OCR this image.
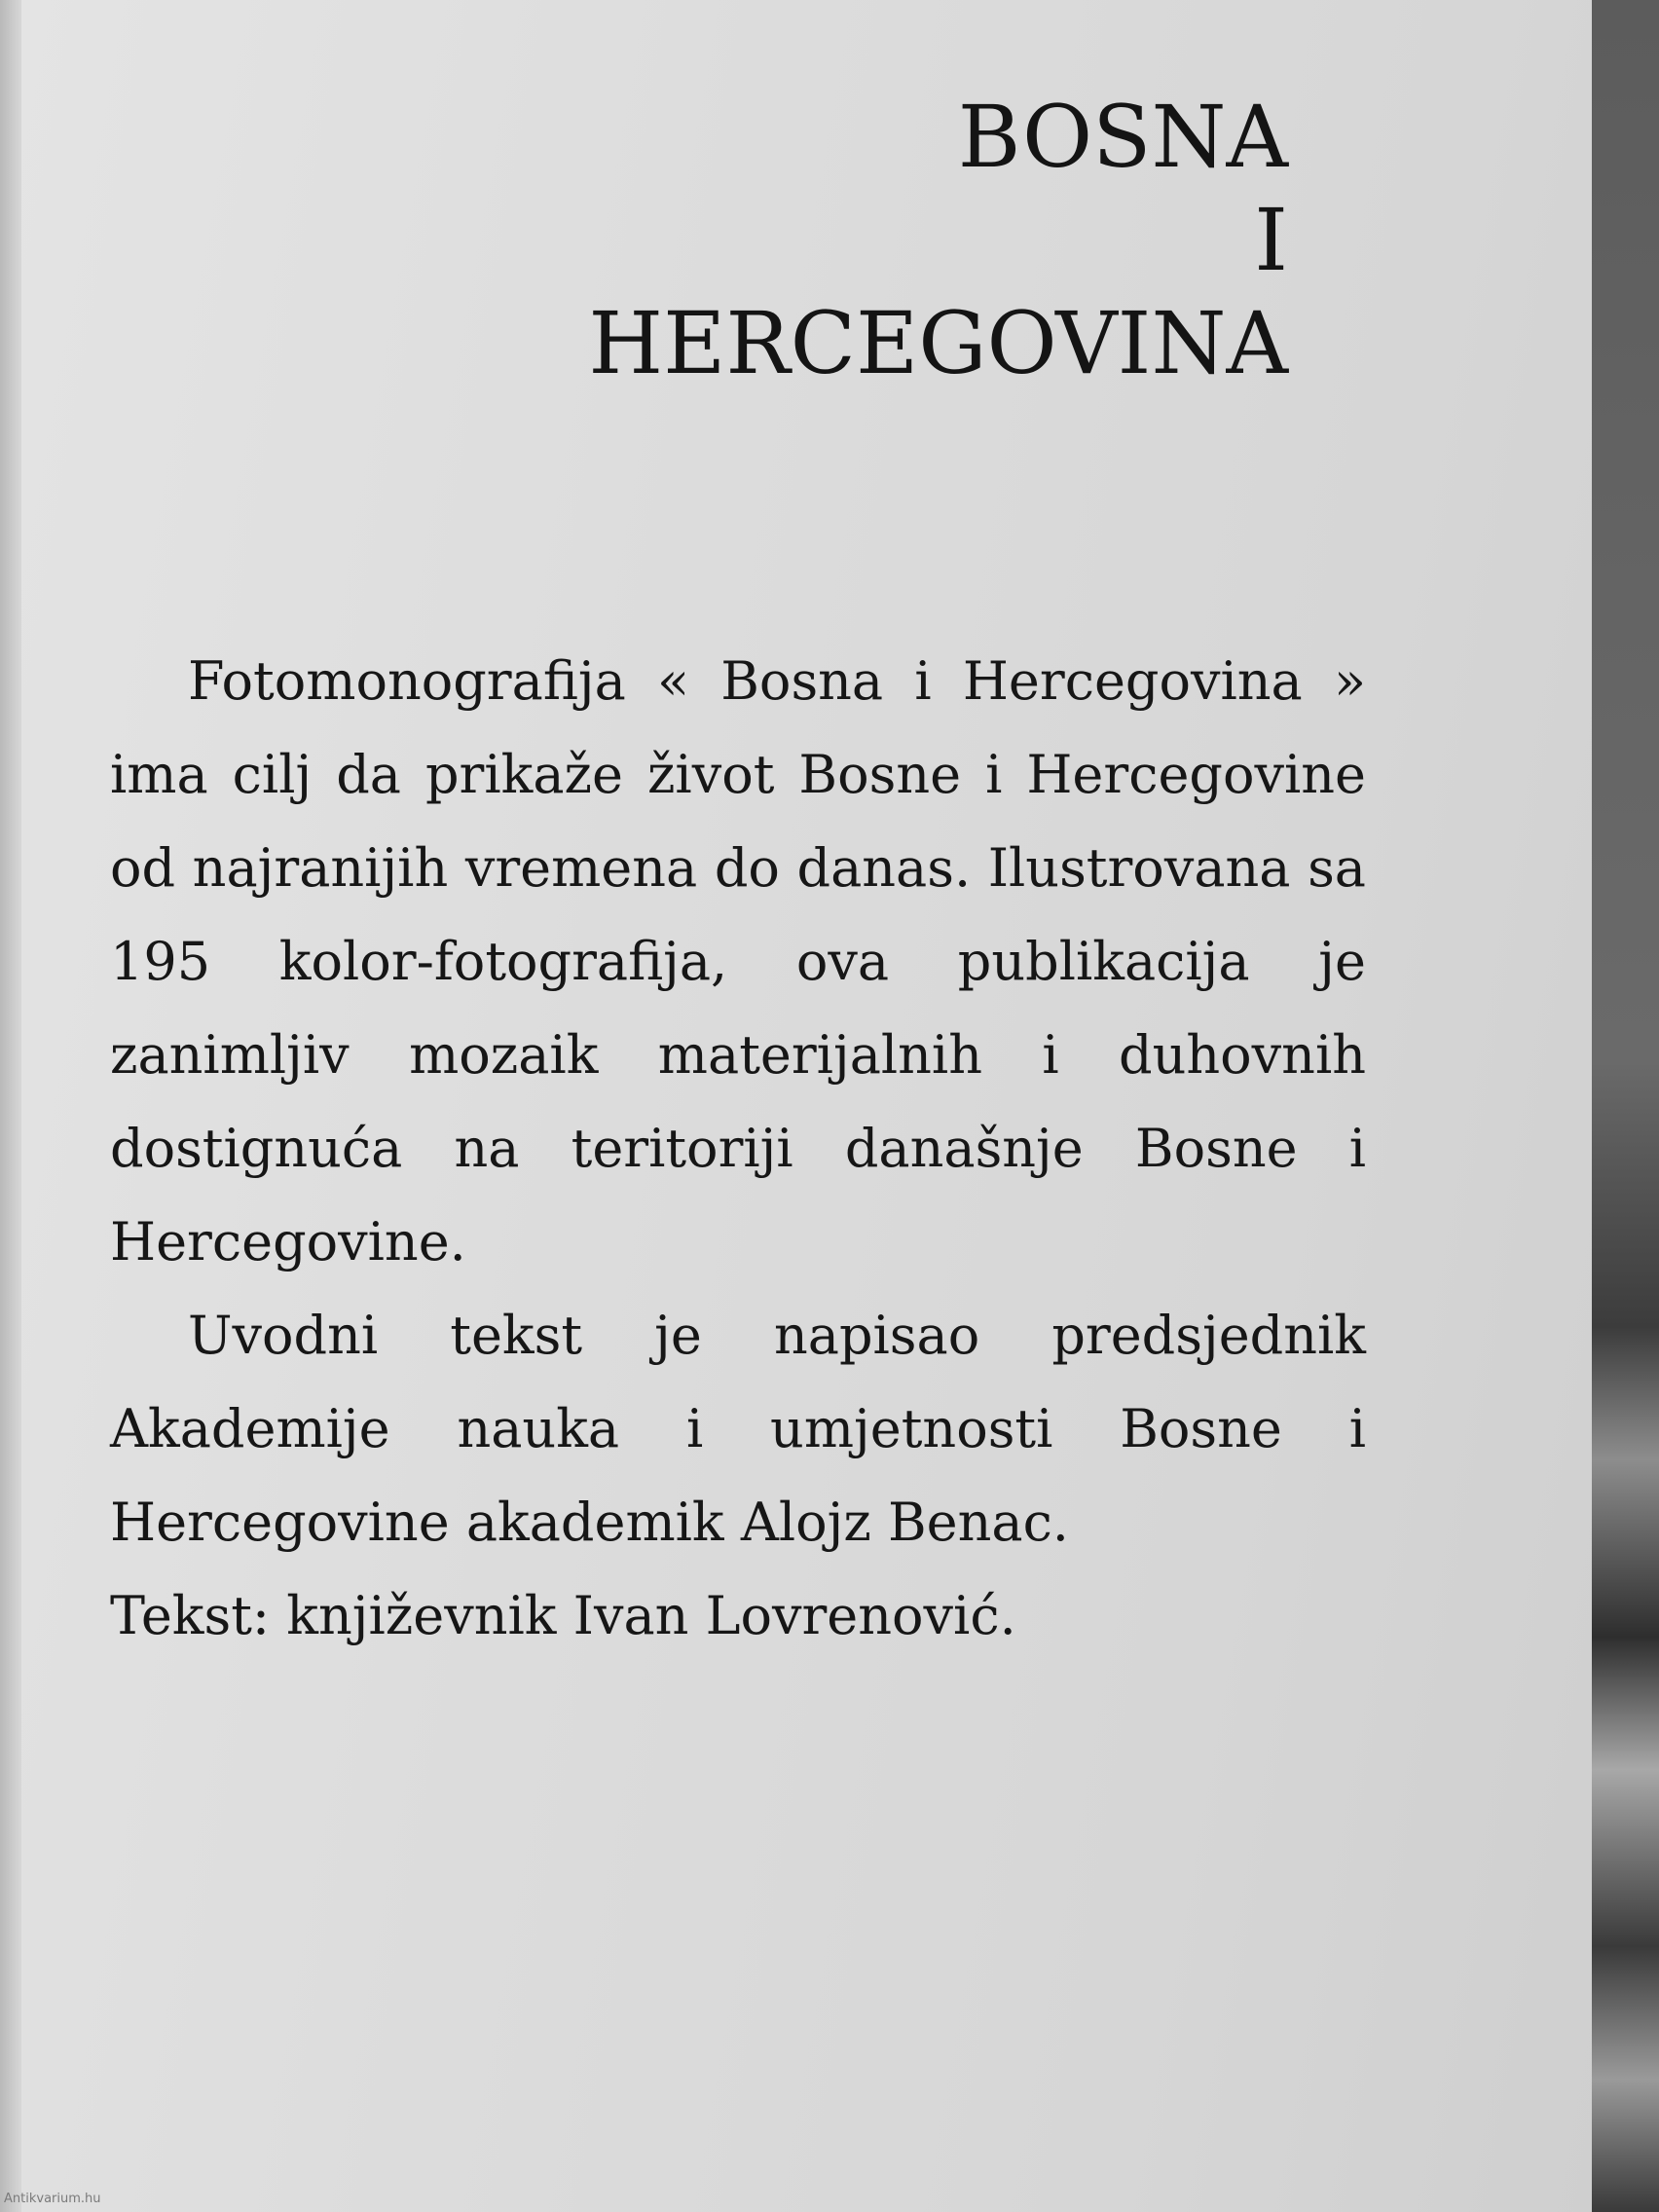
BOSNA
I
HERCEGOVINA

Fotomonografija « Bosna i Hercegovina » ima cilj da prikaže život Bosne i Hercegovine od najranijih vremena do danas. Ilustrovana sa 195 kolor-fotografija, ova publikacija je zanimljiv mozaik materijalnih i duhovnih dostignuća na teritoriji današnje Bosne i Hercegovine.

Uvodni tekst je napisao predsjednik Akademije nauka i umjetnosti Bosne i Hercegovine akademik Alojz Benac.

Tekst: književnik Ivan Lovrenović.

Antikvarium.hu
